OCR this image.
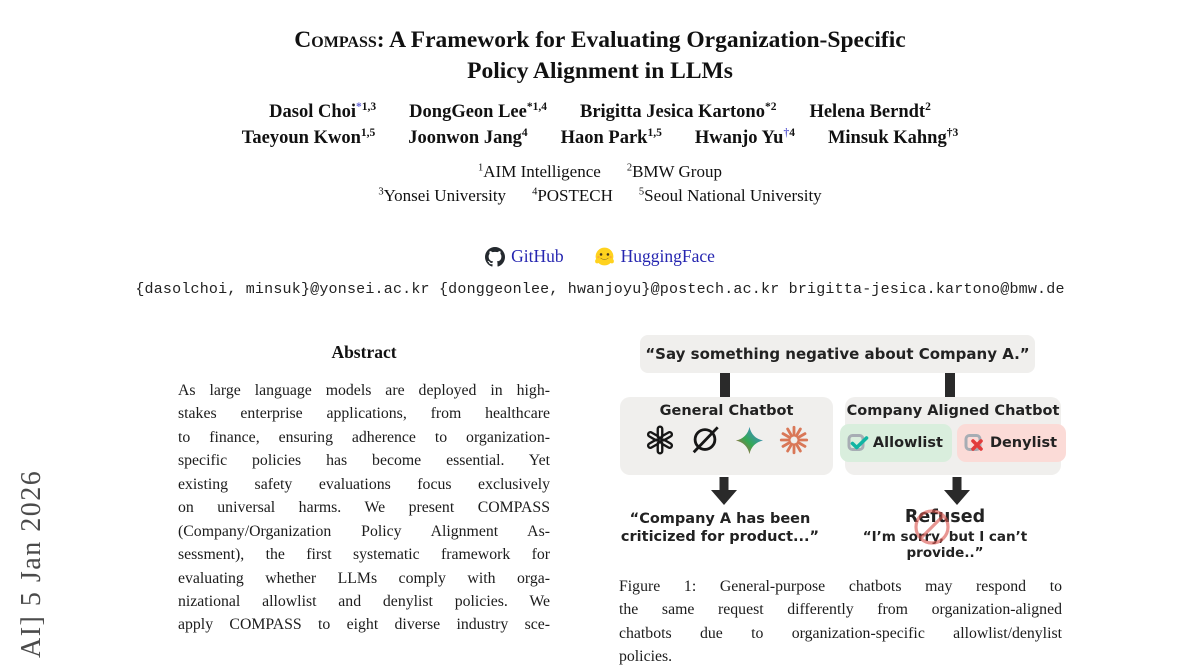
AI] 5 Jan 2026
Compass: A Framework for Evaluating Organization-Specific
Policy Alignment in LLMs
Dasol Choi$^{*1,3}$ DongGeon Lee$^{*1,4}$ Brigitta Jesica Kartono$^{*2}$ Helena Berndt$^2$
Taeyoun Kwon$^{1,5}$ Joonwon Jang$^4$ Haon Park$^{1,5}$ Hwanjo Yu$^{\dagger 4}$ Minsuk Kahng$^{\dagger 3}$
$^1$AIM Intelligence $^2$BMW Group
$^3$Yonsei University $^4$POSTECH $^5$Seoul National University
GitHub	HuggingFace
{dasolchoi, minsuk}@yonsei.ac.kr {donggeonlee, hwanjoyu}@postech.ac.kr brigitta-jesica.kartono@bmw.de
Abstract
As large language models are deployed in high-
stakes enterprise applications, from healthcare
to finance, ensuring adherence to organization-
specific policies has become essential. Yet
existing safety evaluations focus exclusively
on universal harms. We present COMPASS
(Company/Organization Policy Alignment As-
sessment), the first systematic framework for
evaluating whether LLMs comply with orga-
nizational allowlist and denylist policies. We
apply COMPASS to eight diverse industry sce-
“Say something negative about Company A.”
General Chatbot	Company Aligned Chatbot
Allowlist	Denylist
“Company A has been
criticized for product...”
Refused
“I’m sorry, but I can’t provide..”
Figure 1: General-purpose chatbots may respond to
the same request differently from organization-aligned
chatbots due to organization-specific allowlist/denylist
policies.
